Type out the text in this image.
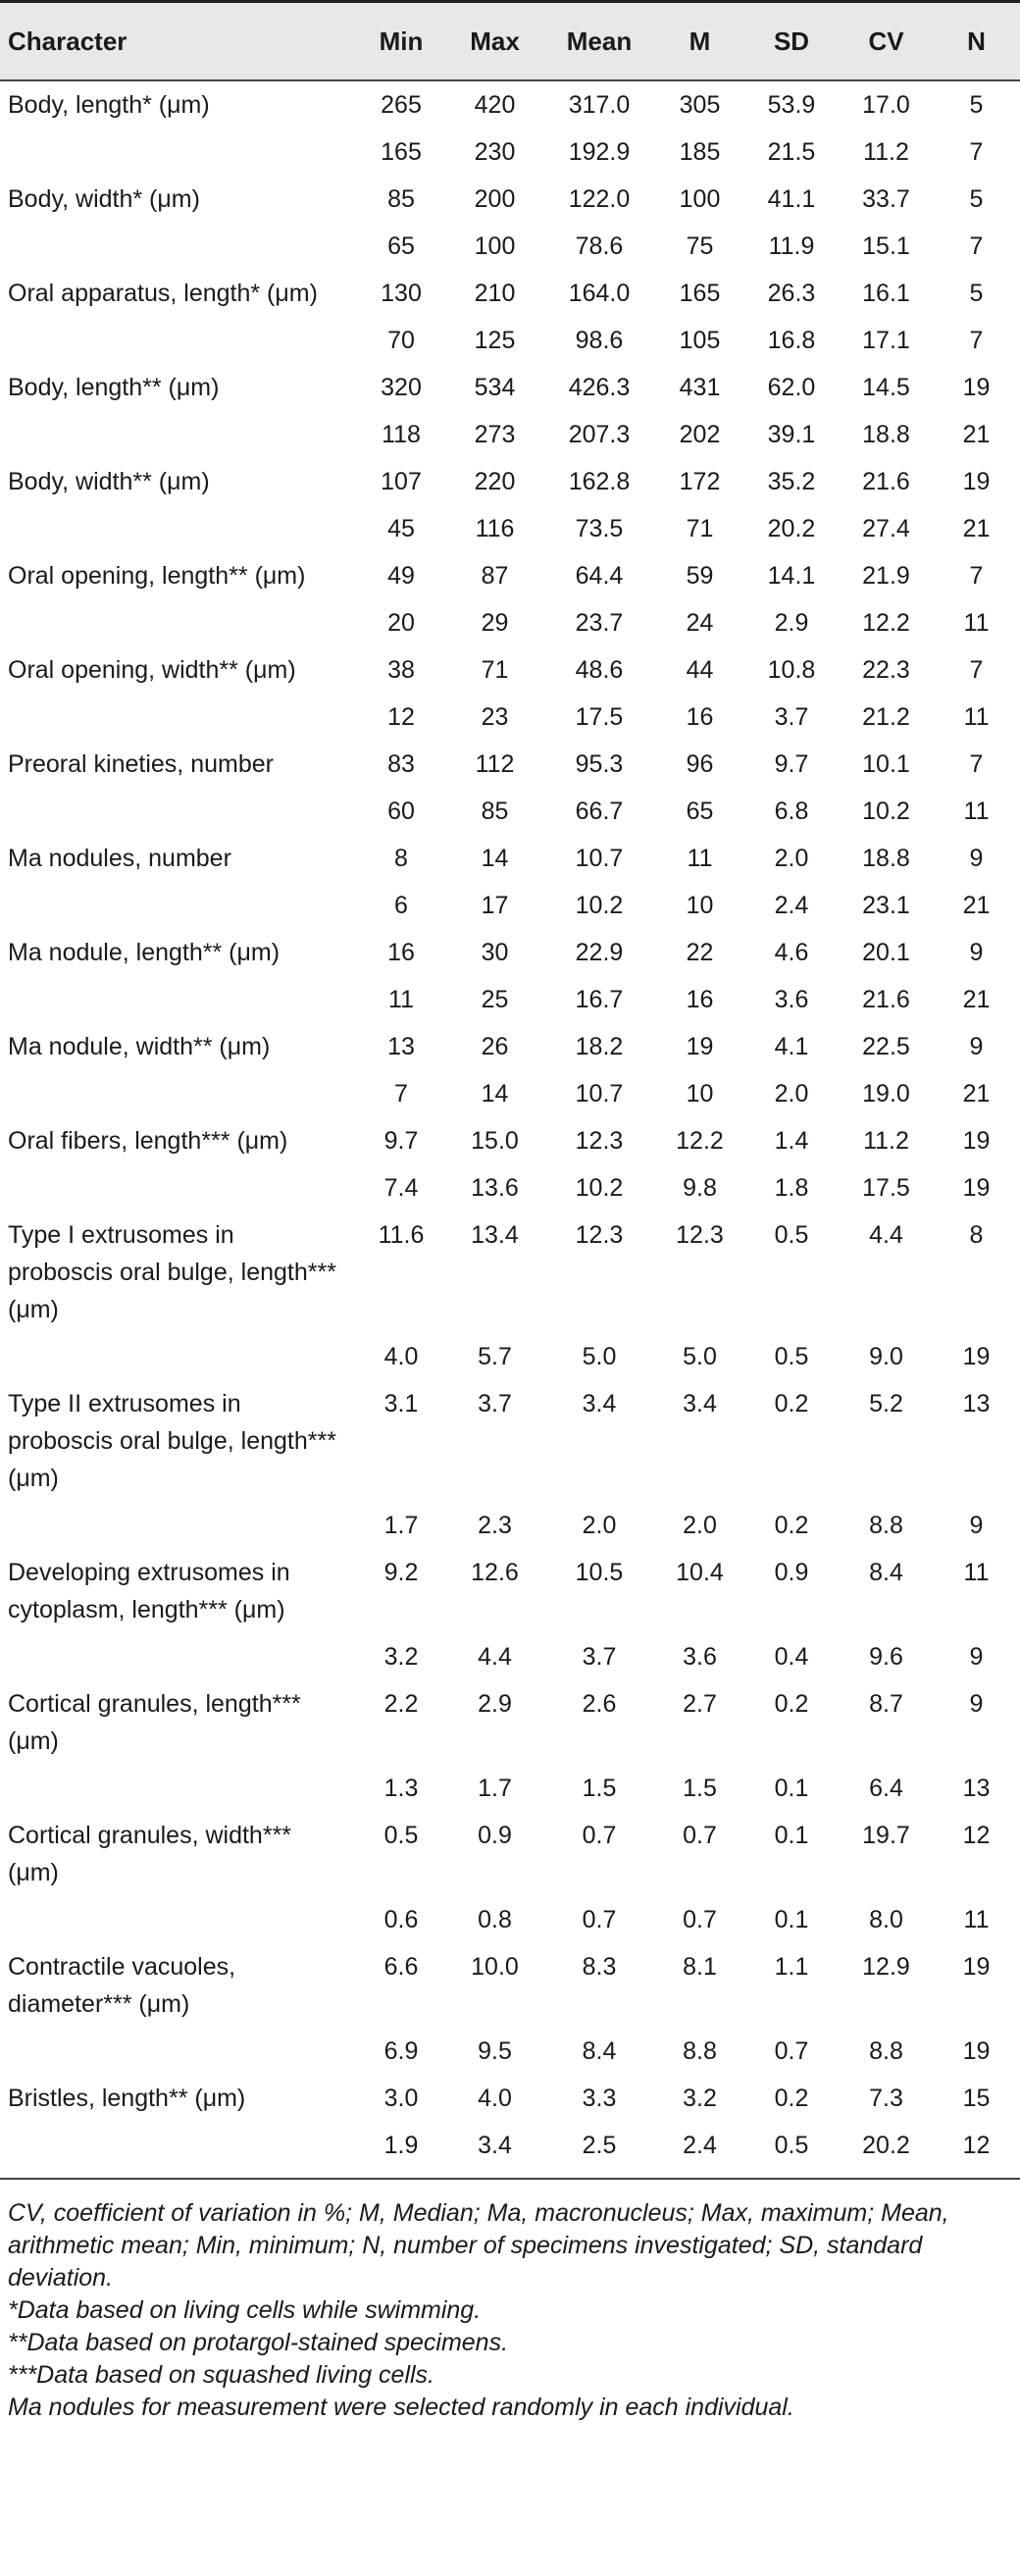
Character	Min	Max	Mean	M	SD	CV	N
Body, length* (μm)	265	420	317.0	305	53.9	17.0	5
	165	230	192.9	185	21.5	11.2	7
Body, width* (μm)	85	200	122.0	100	41.1	33.7	5
	65	100	78.6	75	11.9	15.1	7
Oral apparatus, length* (μm)	130	210	164.0	165	26.3	16.1	5
	70	125	98.6	105	16.8	17.1	7
Body, length** (μm)	320	534	426.3	431	62.0	14.5	19
	118	273	207.3	202	39.1	18.8	21
Body, width** (μm)	107	220	162.8	172	35.2	21.6	19
	45	116	73.5	71	20.2	27.4	21
Oral opening, length** (μm)	49	87	64.4	59	14.1	21.9	7
	20	29	23.7	24	2.9	12.2	11
Oral opening, width** (μm)	38	71	48.6	44	10.8	22.3	7
	12	23	17.5	16	3.7	21.2	11
Preoral kineties, number	83	112	95.3	96	9.7	10.1	7
	60	85	66.7	65	6.8	10.2	11
Ma nodules, number	8	14	10.7	11	2.0	18.8	9
	6	17	10.2	10	2.4	23.1	21
Ma nodule, length** (μm)	16	30	22.9	22	4.6	20.1	9
	11	25	16.7	16	3.6	21.6	21
Ma nodule, width** (μm)	13	26	18.2	19	4.1	22.5	9
	7	14	10.7	10	2.0	19.0	21
Oral fibers, length*** (μm)	9.7	15.0	12.3	12.2	1.4	11.2	19
	7.4	13.6	10.2	9.8	1.8	17.5	19
Type I extrusomes in proboscis oral bulge, length*** (μm)	11.6	13.4	12.3	12.3	0.5	4.4	8
	4.0	5.7	5.0	5.0	0.5	9.0	19
Type II extrusomes in proboscis oral bulge, length*** (μm)	3.1	3.7	3.4	3.4	0.2	5.2	13
	1.7	2.3	2.0	2.0	0.2	8.8	9
Developing extrusomes in cytoplasm, length*** (μm)	9.2	12.6	10.5	10.4	0.9	8.4	11
	3.2	4.4	3.7	3.6	0.4	9.6	9
Cortical granules, length*** (μm)	2.2	2.9	2.6	2.7	0.2	8.7	9
	1.3	1.7	1.5	1.5	0.1	6.4	13
Cortical granules, width*** (μm)	0.5	0.9	0.7	0.7	0.1	19.7	12
	0.6	0.8	0.7	0.7	0.1	8.0	11
Contractile vacuoles, diameter*** (μm)	6.6	10.0	8.3	8.1	1.1	12.9	19
	6.9	9.5	8.4	8.8	0.7	8.8	19
Bristles, length** (μm)	3.0	4.0	3.3	3.2	0.2	7.3	15
	1.9	3.4	2.5	2.4	0.5	20.2	12

CV, coefficient of variation in %; M, Median; Ma, macronucleus; Max, maximum; Mean, arithmetic mean; Min, minimum; N, number of specimens investigated; SD, standard deviation.

*Data based on living cells while swimming.

**Data based on protargol-stained specimens.

***Data based on squashed living cells.

Ma nodules for measurement were selected randomly in each individual.
